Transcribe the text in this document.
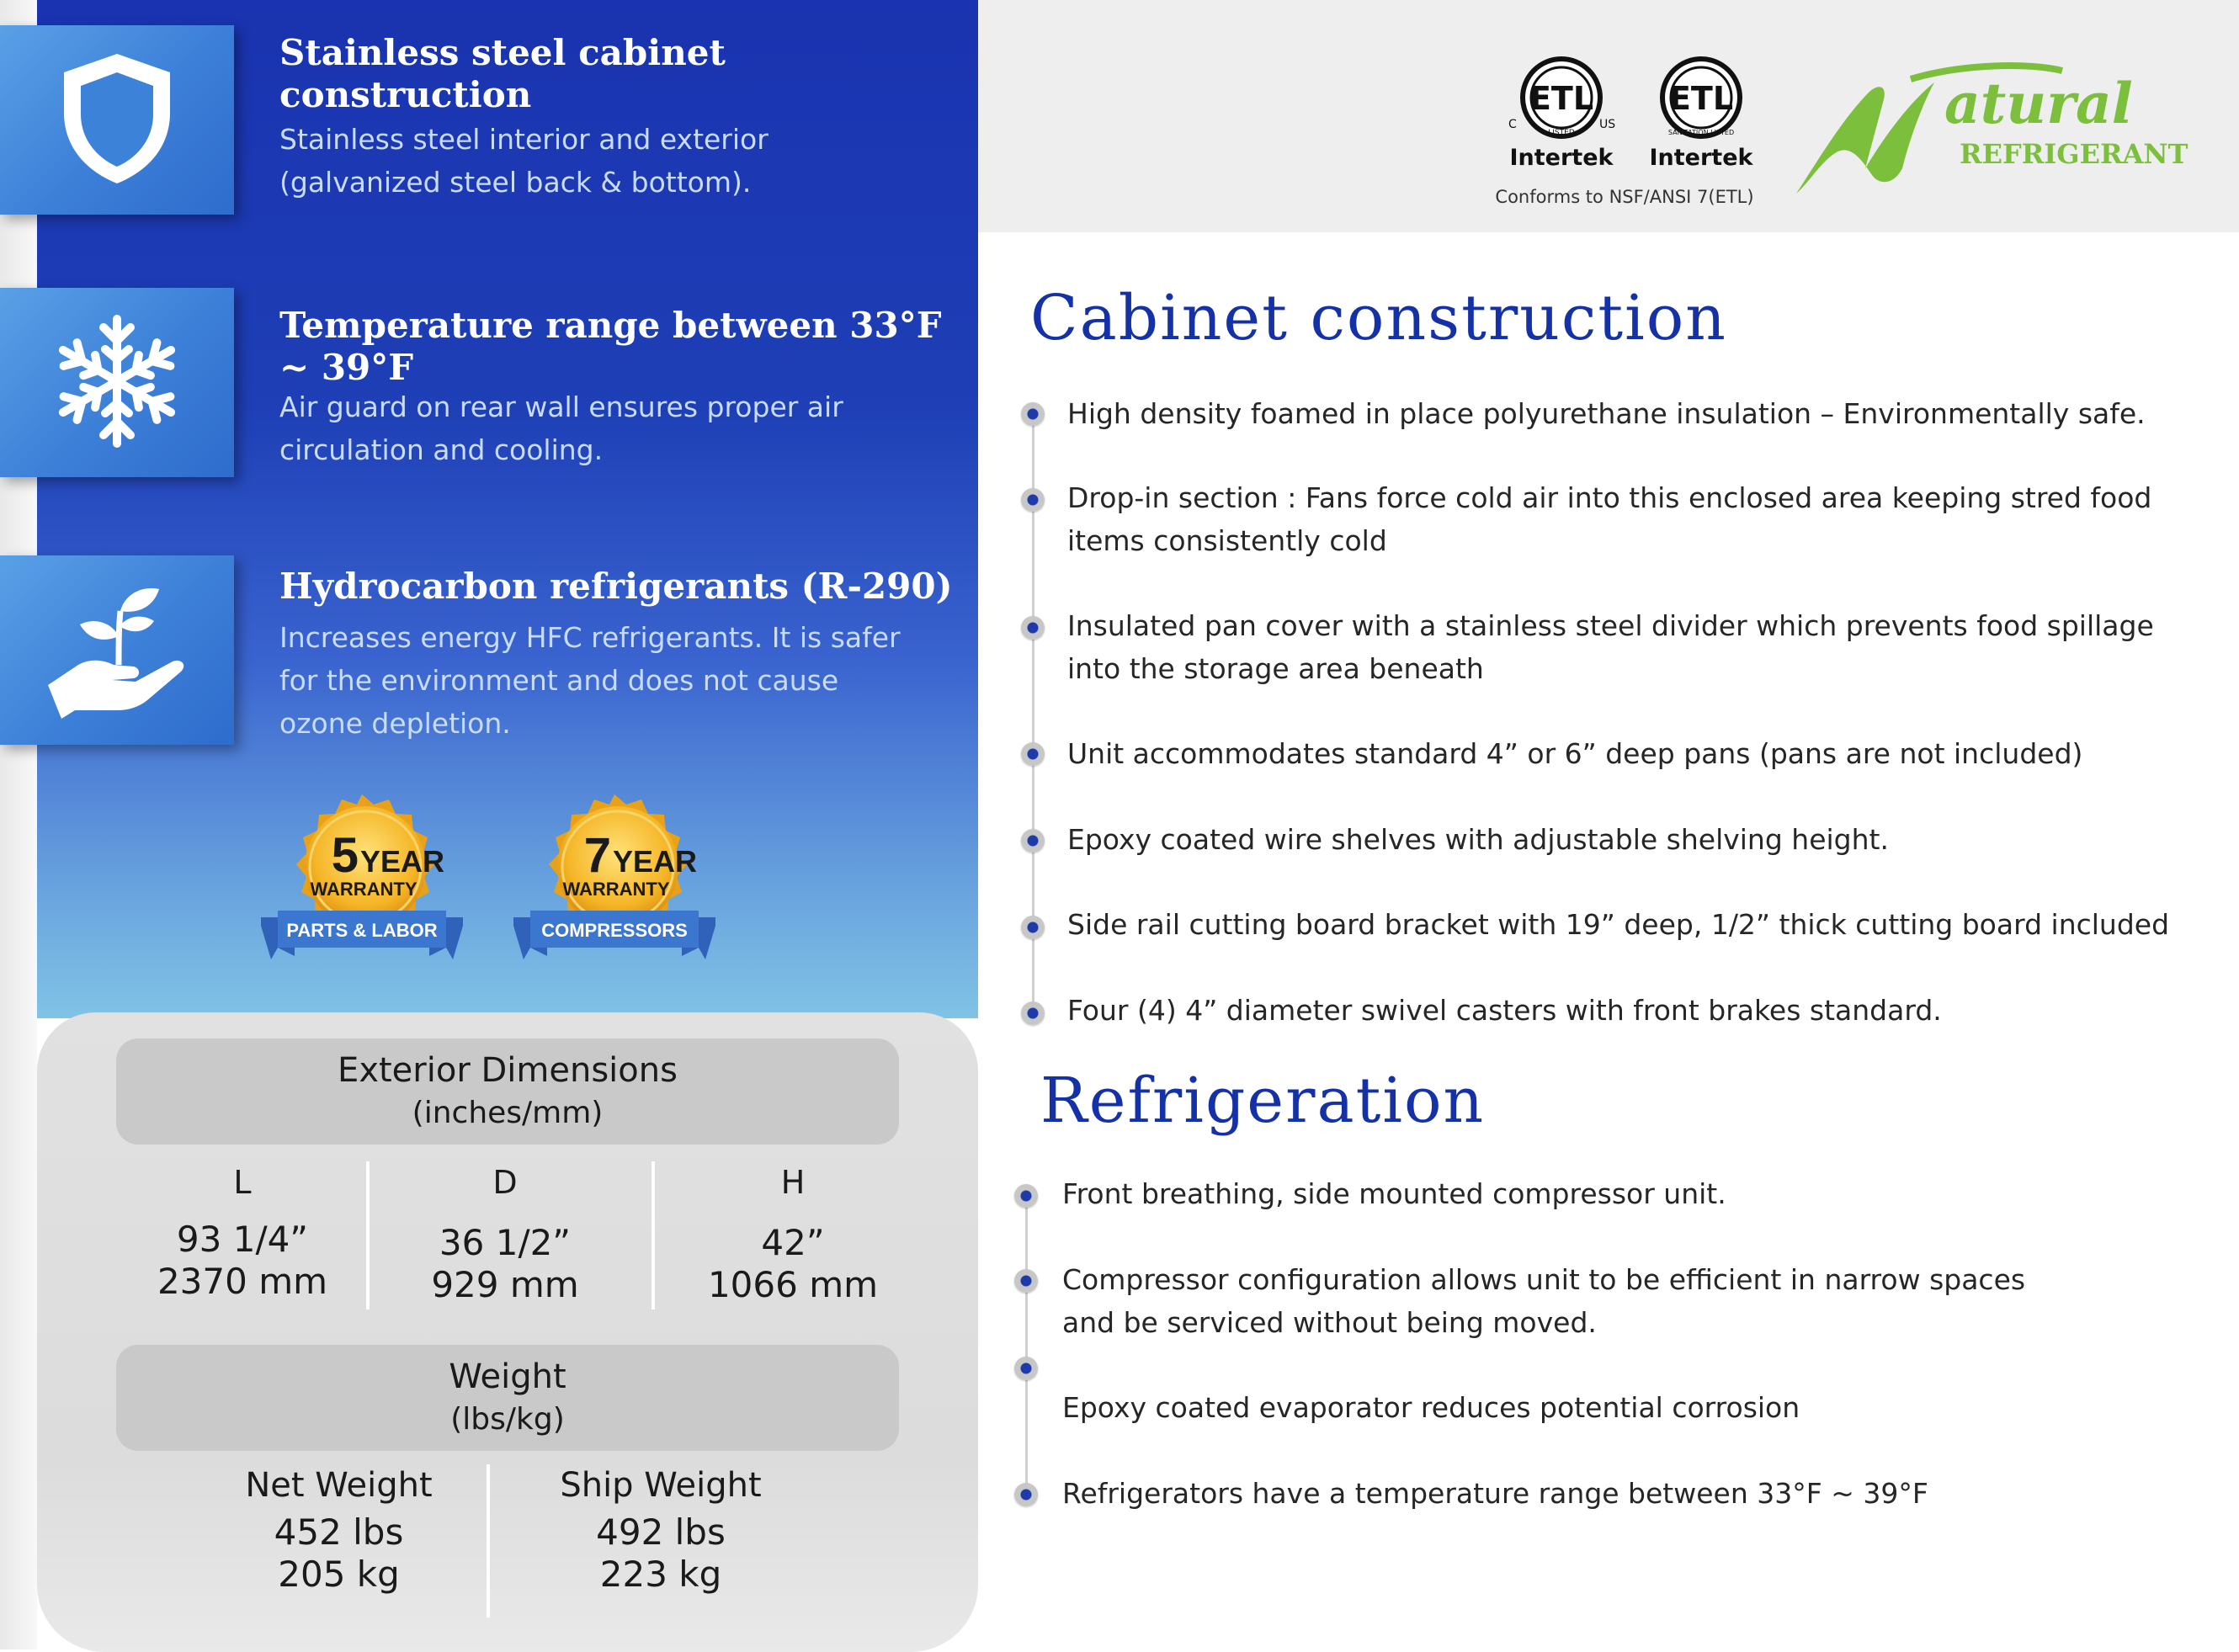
Stainless steel cabinet construction
Stainless steel interior and exterior (galvanized steel back & bottom).
Temperature range between 33°F ~ 39°F
Air guard on rear wall ensures proper air circulation and cooling.
Hydrocarbon refrigerants (R-290)
Increases energy HFC refrigerants. It is safer for the environment and does not cause ozone depletion.
5 YEAR
WARRANTY
PARTS & LABOR
7 YEAR
WARRANTY
COMPRESSORS
Exterior Dimensions
(inches/mm)
L
93 1/4”
2370 mm
D
36 1/2”
929 mm
H
42”
1066 mm
Weight
(lbs/kg)
Net Weight
452 lbs
205 kg
Ship Weight
492 lbs
223 kg
ETL
C	US
LISTED
Intertek
ETL
SANITATION LISTED
Intertek
Conforms to NSF/ANSI 7(ETL)
atural
REFRIGERANT
Cabinet construction
High density foamed in place polyurethane insulation – Environmentally safe.
Drop-in section : Fans force cold air into this enclosed area keeping stred food items consistently cold
Insulated pan cover with a stainless steel divider which prevents food spillage into the storage area beneath
Unit accommodates standard 4” or 6” deep pans (pans are not included)
Epoxy coated wire shelves with adjustable shelving height.
Side rail cutting board bracket with 19” deep, 1/2” thick cutting board included
Four (4) 4” diameter swivel casters with front brakes standard.
Refrigeration
Front breathing, side mounted compressor unit.
Compressor configuration allows unit to be efficient in narrow spaces and be serviced without being moved.
Epoxy coated evaporator reduces potential corrosion
Refrigerators have a temperature range between 33°F ~ 39°F
